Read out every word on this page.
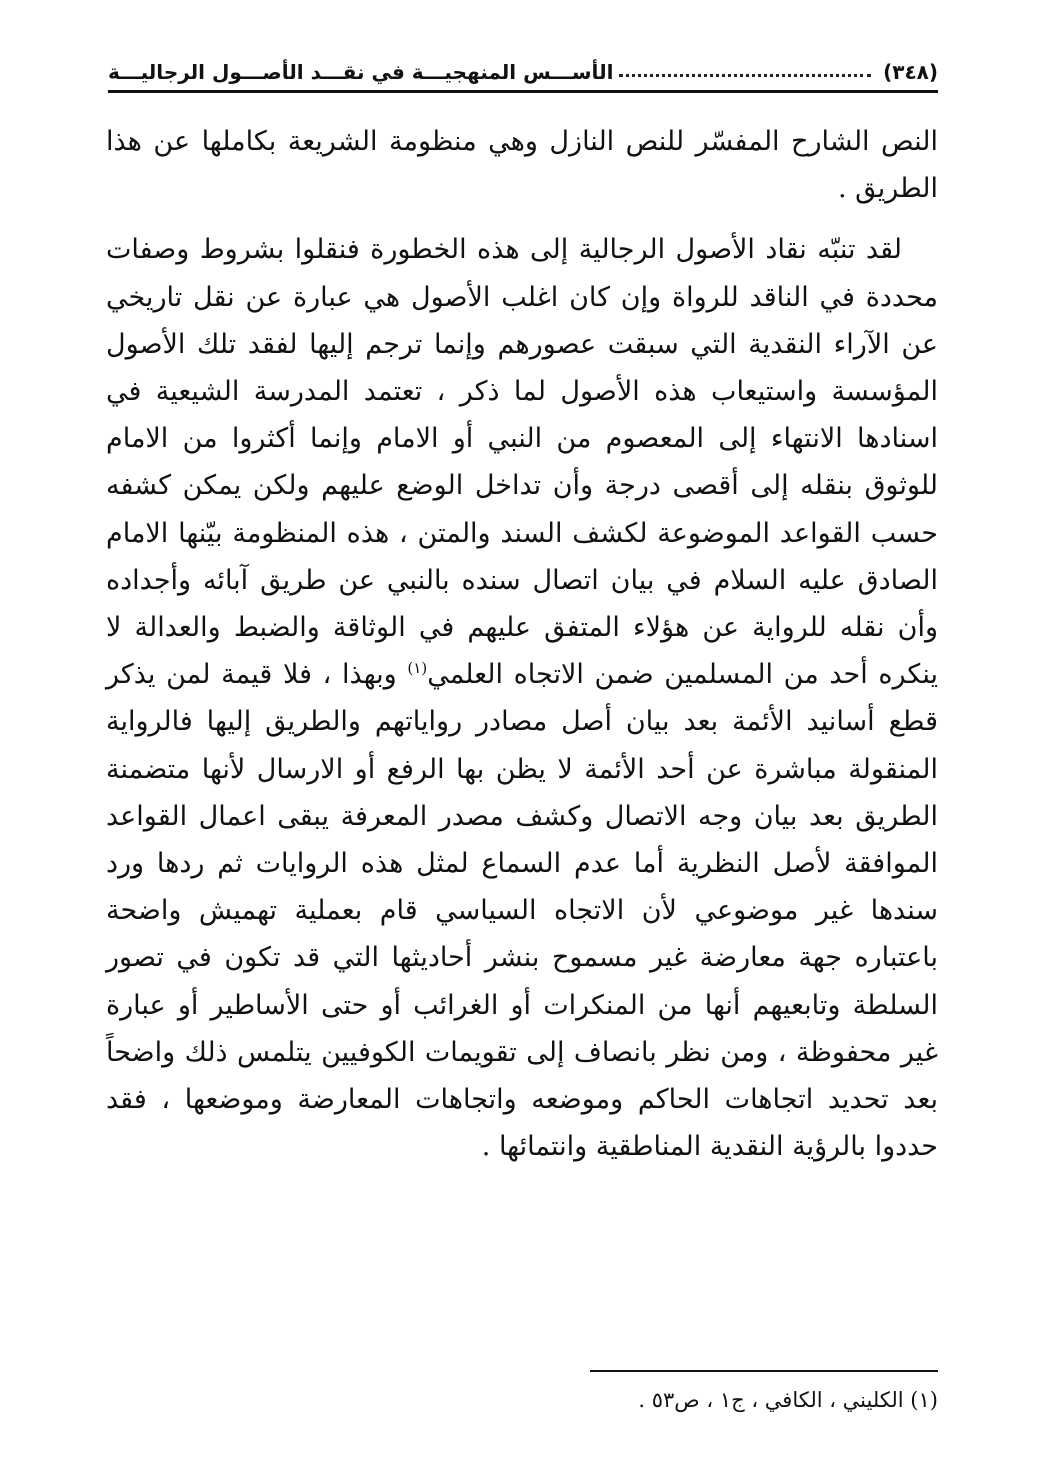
(٣٤٨)
الأســـس المنهجيـــة في نقـــد الأصـــول الرجاليـــة

النص الشارح المفسّر للنص النازل وهي منظومة الشريعة بكاملها عن هذا الطريق .

لقد تنبّه نقاد الأصول الرجالية إلى هذه الخطورة فنقلوا بشروط وصفات محددة في الناقد للرواة وإن كان اغلب الأصول هي عبارة عن نقل تاريخي عن الآراء النقدية التي سبقت عصورهم وإنما ترجم إليها لفقد تلك الأصول المؤسسة واستيعاب هذه الأصول لما ذكر ، تعتمد المدرسة الشيعية في اسنادها الانتهاء إلى المعصوم من النبي أو الامام وإنما أكثروا من الامام للوثوق بنقله إلى أقصى درجة وأن تداخل الوضع عليهم ولكن يمكن كشفه حسب القواعد الموضوعة لكشف السند والمتن ، هذه المنظومة بيّنها الامام الصادق عليه السلام في بيان اتصال سنده بالنبي عن طريق آبائه وأجداده وأن نقله للرواية عن هؤلاء المتفق عليهم في الوثاقة والضبط والعدالة لا ينكره أحد من المسلمين ضمن الاتجاه العلمي$^{(١)}$ وبهذا ، فلا قيمة لمن يذكر قطع أسانيد الأئمة بعد بيان أصل مصادر رواياتهم والطريق إليها فالرواية المنقولة مباشرة عن أحد الأئمة لا يظن بها الرفع أو الارسال لأنها متضمنة الطريق بعد بيان وجه الاتصال وكشف مصدر المعرفة يبقى اعمال القواعد الموافقة لأصل النظرية أما عدم السماع لمثل هذه الروايات ثم ردها ورد سندها غير موضوعي لأن الاتجاه السياسي قام بعملية تهميش واضحة باعتباره جهة معارضة غير مسموح بنشر أحاديثها التي قد تكون في تصور السلطة وتابعيهم أنها من المنكرات أو الغرائب أو حتى الأساطير أو عبارة غير محفوظة ، ومن نظر بانصاف إلى تقويمات الكوفيين يتلمس ذلك واضحاً بعد تحديد اتجاهات الحاكم وموضعه واتجاهات المعارضة وموضعها ، فقد حددوا بالرؤية النقدية المناطقية وانتمائها .

(١) الكليني ، الكافي ، ج١ ، ص٥٣ .
